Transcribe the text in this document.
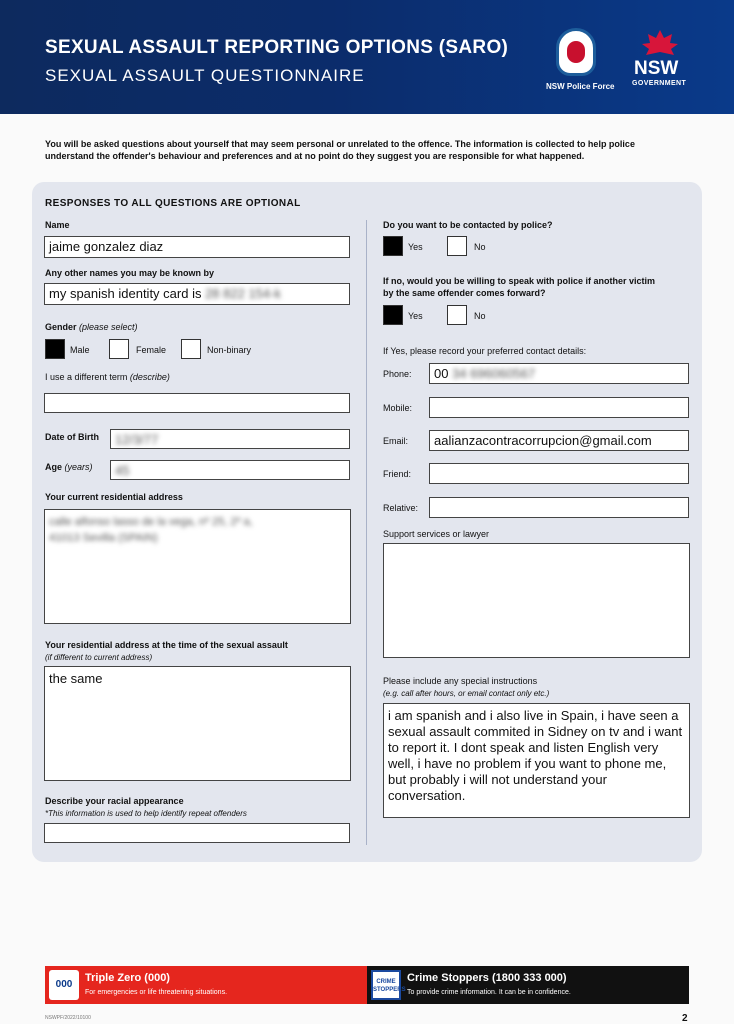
SEXUAL ASSAULT REPORTING OPTIONS (SARO)
SEXUAL ASSAULT QUESTIONNAIRE
NSW Police Force
NSW
GOVERNMENT
You will be asked questions about yourself that may seem personal or unrelated to the offence. The information is collected to help police understand the offender's behaviour and preferences and at no point do they suggest you are responsible for what happened.
RESPONSES TO ALL QUESTIONS ARE OPTIONAL
Name
jaime gonzalez diaz
Any other names you may be known by
my spanish identity card is 28 822 154-k
Gender (please select)
Male	Female	Non-binary
I use a different term (describe)
Date of Birth	12/3/77
Age (years)	45
Your current residential address
calle alfonso lasso de la vega, nº 25, 2º a,
41013 Sevilla (SPAIN)
Your residential address at the time of the sexual assault
(if different to current address)
the same
Describe your racial appearance
*This information is used to help identify repeat offenders
Do you want to be contacted by police?
Yes	No
If no, would you be willing to speak with police if another victim
by the same offender comes forward?
Yes	No
If Yes, please record your preferred contact details:
Phone:	00 34 696060567
Mobile:
Email:	aalianzacontracorrupcion@gmail.com
Friend:
Relative:
Support services or lawyer
Please include any special instructions
(e.g. call after hours, or email contact only etc.)
i am spanish and i also live in Spain, i have seen a sexual assault commited in Sidney on tv and i want to report it. I dont speak and listen English very well, i have no problem if you want to phone me, but probably i will not understand your conversation.
000
Triple Zero (000)
For emergencies or life threatening situations.
CRIME STOPPERS
Crime Stoppers (1800 333 000)
To provide crime information. It can be in confidence.
NSWPF/2022/10100	2
